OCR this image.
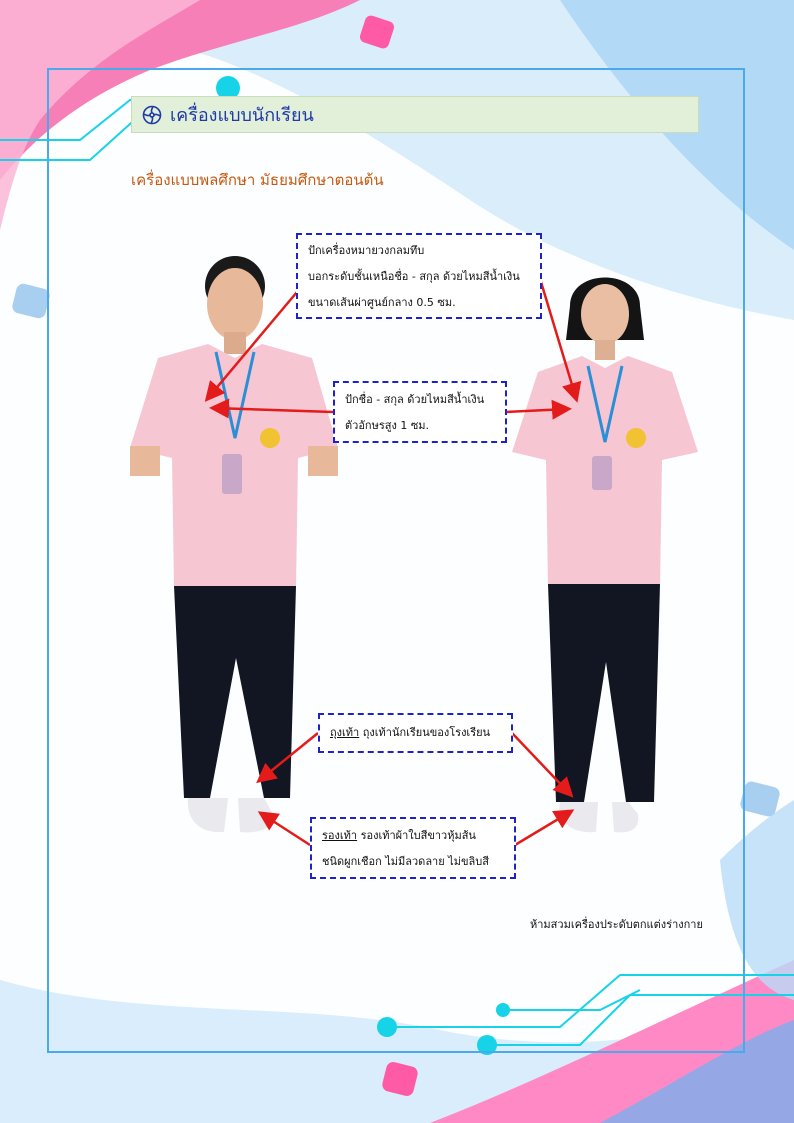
เครื่องแบบนักเรียน
เครื่องแบบพลศึกษา มัธยมศึกษาตอนต้น
ปักเครื่องหมายวงกลมทึบ
บอกระดับชั้นเหนือชื่อ - สกุล ด้วยไหมสีน้ำเงิน
ขนาดเส้นผ่าศูนย์กลาง 0.5 ซม.
ปักชื่อ - สกุล ด้วยไหมสีน้ำเงิน
ตัวอักษรสูง 1 ซม.
ถุงเท้า ถุงเท้านักเรียนของโรงเรียน
รองเท้า รองเท้าผ้าใบสีขาวหุ้มส้น
ชนิดผูกเชือก ไม่มีลวดลาย ไม่ขลิบสี
ห้ามสวมเครื่องประดับตกแต่งร่างกาย
